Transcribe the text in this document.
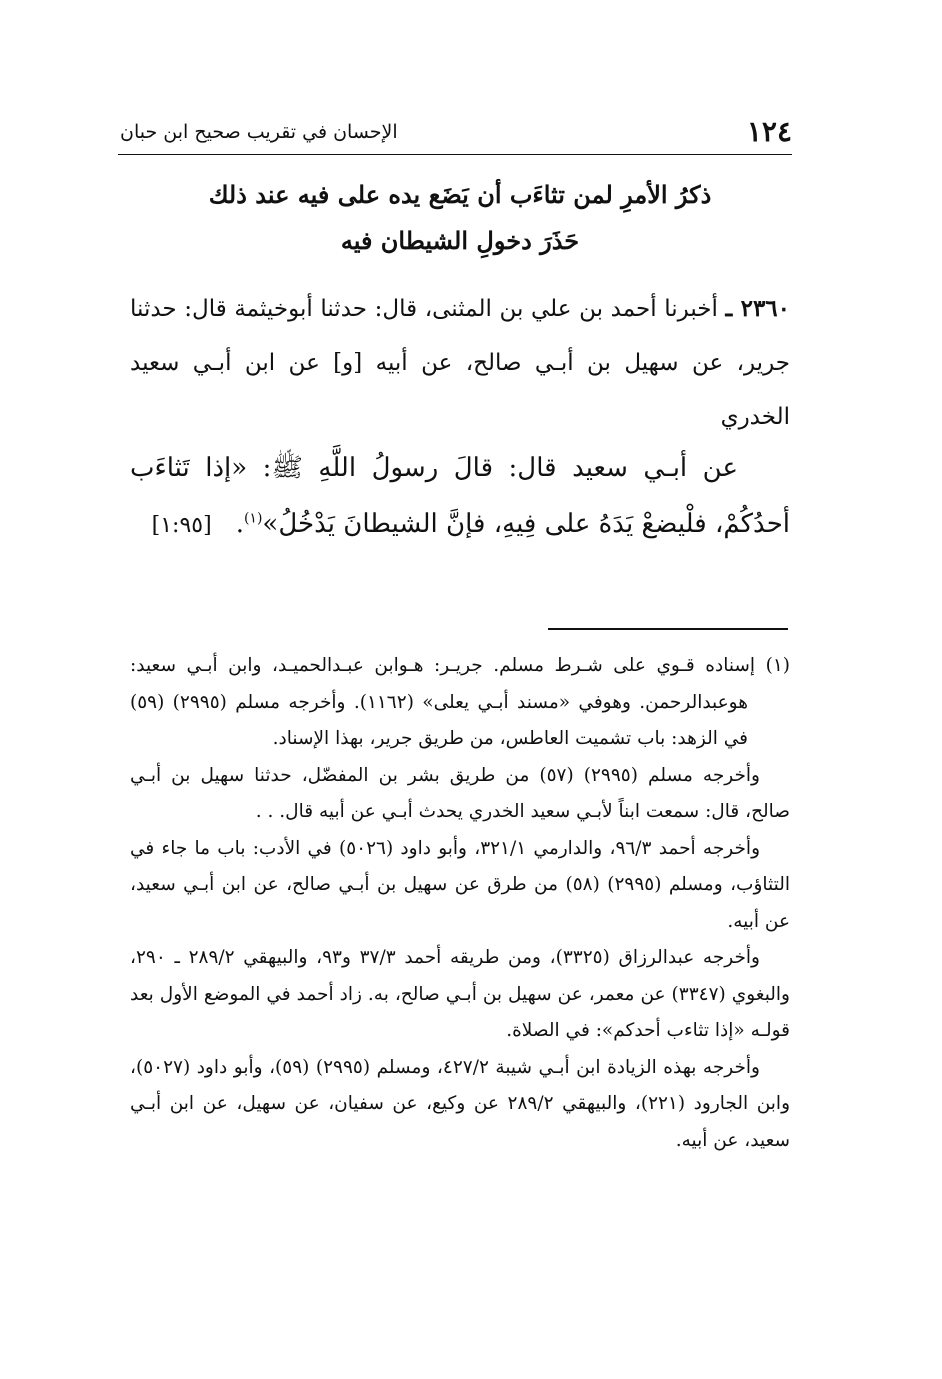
١٢٤
الإحسان في تقريب صحيح ابن حبان
ذكرُ الأمرِ لمن تثاءَب أن يَضَع يده على فيه عند ذلك
حَذَرَ دخولِ الشيطان فيه
٢٣٦٠ ـ أخبرنا أحمد بن علي بن المثنى، قال: حدثنا أبوخيثمة قال: حدثنا جرير، عن سهيل بن أبـي صالح، عن أبيه [و] عن ابن أبـي سعيد الخدري
عن أبـي سعيد قال: قالَ رسولُ اللَّهِ ﷺ: «إذا تَثاءَب أحدُكُمْ، فلْيضعْ يَدَهُ على فِيهِ، فإنَّ الشيطانَ يَدْخُلُ»$^{(١)}$.[١:٩٥]

(١) إسناده قـوي على شـرط مسلم. جريـر: هـوابن عبـدالحميـد، وابن أبـي سعيد: هوعبدالرحمن. وهوفي «مسند أبـي يعلى» (١١٦٢). وأخرجه مسلم (٢٩٩٥) (٥٩) في الزهد: باب تشميت العاطس، من طريق جرير، بهذا الإسناد.

وأخرجه مسلم (٢٩٩٥) (٥٧) من طريق بشر بن المفضّل، حدثنا سهيل بن أبـي صالح، قال: سمعت ابناً لأبـي سعيد الخدري يحدث أبـي عن أبيه قال. . .

وأخرجه أحمد ٩٦/٣، والدارمي ٣٢١/١، وأبو داود (٥٠٢٦) في الأدب: باب ما جاء في التثاؤب، ومسلم (٢٩٩٥) (٥٨) من طرق عن سهيل بن أبـي صالح، عن ابن أبـي سعيد، عن أبيه.

وأخرجه عبدالرزاق (٣٣٢٥)، ومن طريقه أحمد ٣٧/٣ و٩٣، والبيهقي ٢٨٩/٢ ـ ٢٩٠، والبغوي (٣٣٤٧) عن معمر، عن سهيل بن أبـي صالح، به. زاد أحمد في الموضع الأول بعد قولـه «إذا تثاءب أحدكم»: في الصلاة.

وأخرجه بهذه الزيادة ابن أبـي شيبة ٤٢٧/٢، ومسلم (٢٩٩٥) (٥٩)، وأبو داود (٥٠٢٧)، وابن الجارود (٢٢١)، والبيهقي ٢٨٩/٢ عن وكيع، عن سفيان، عن سهيل، عن ابن أبـي سعيد، عن أبيه.
